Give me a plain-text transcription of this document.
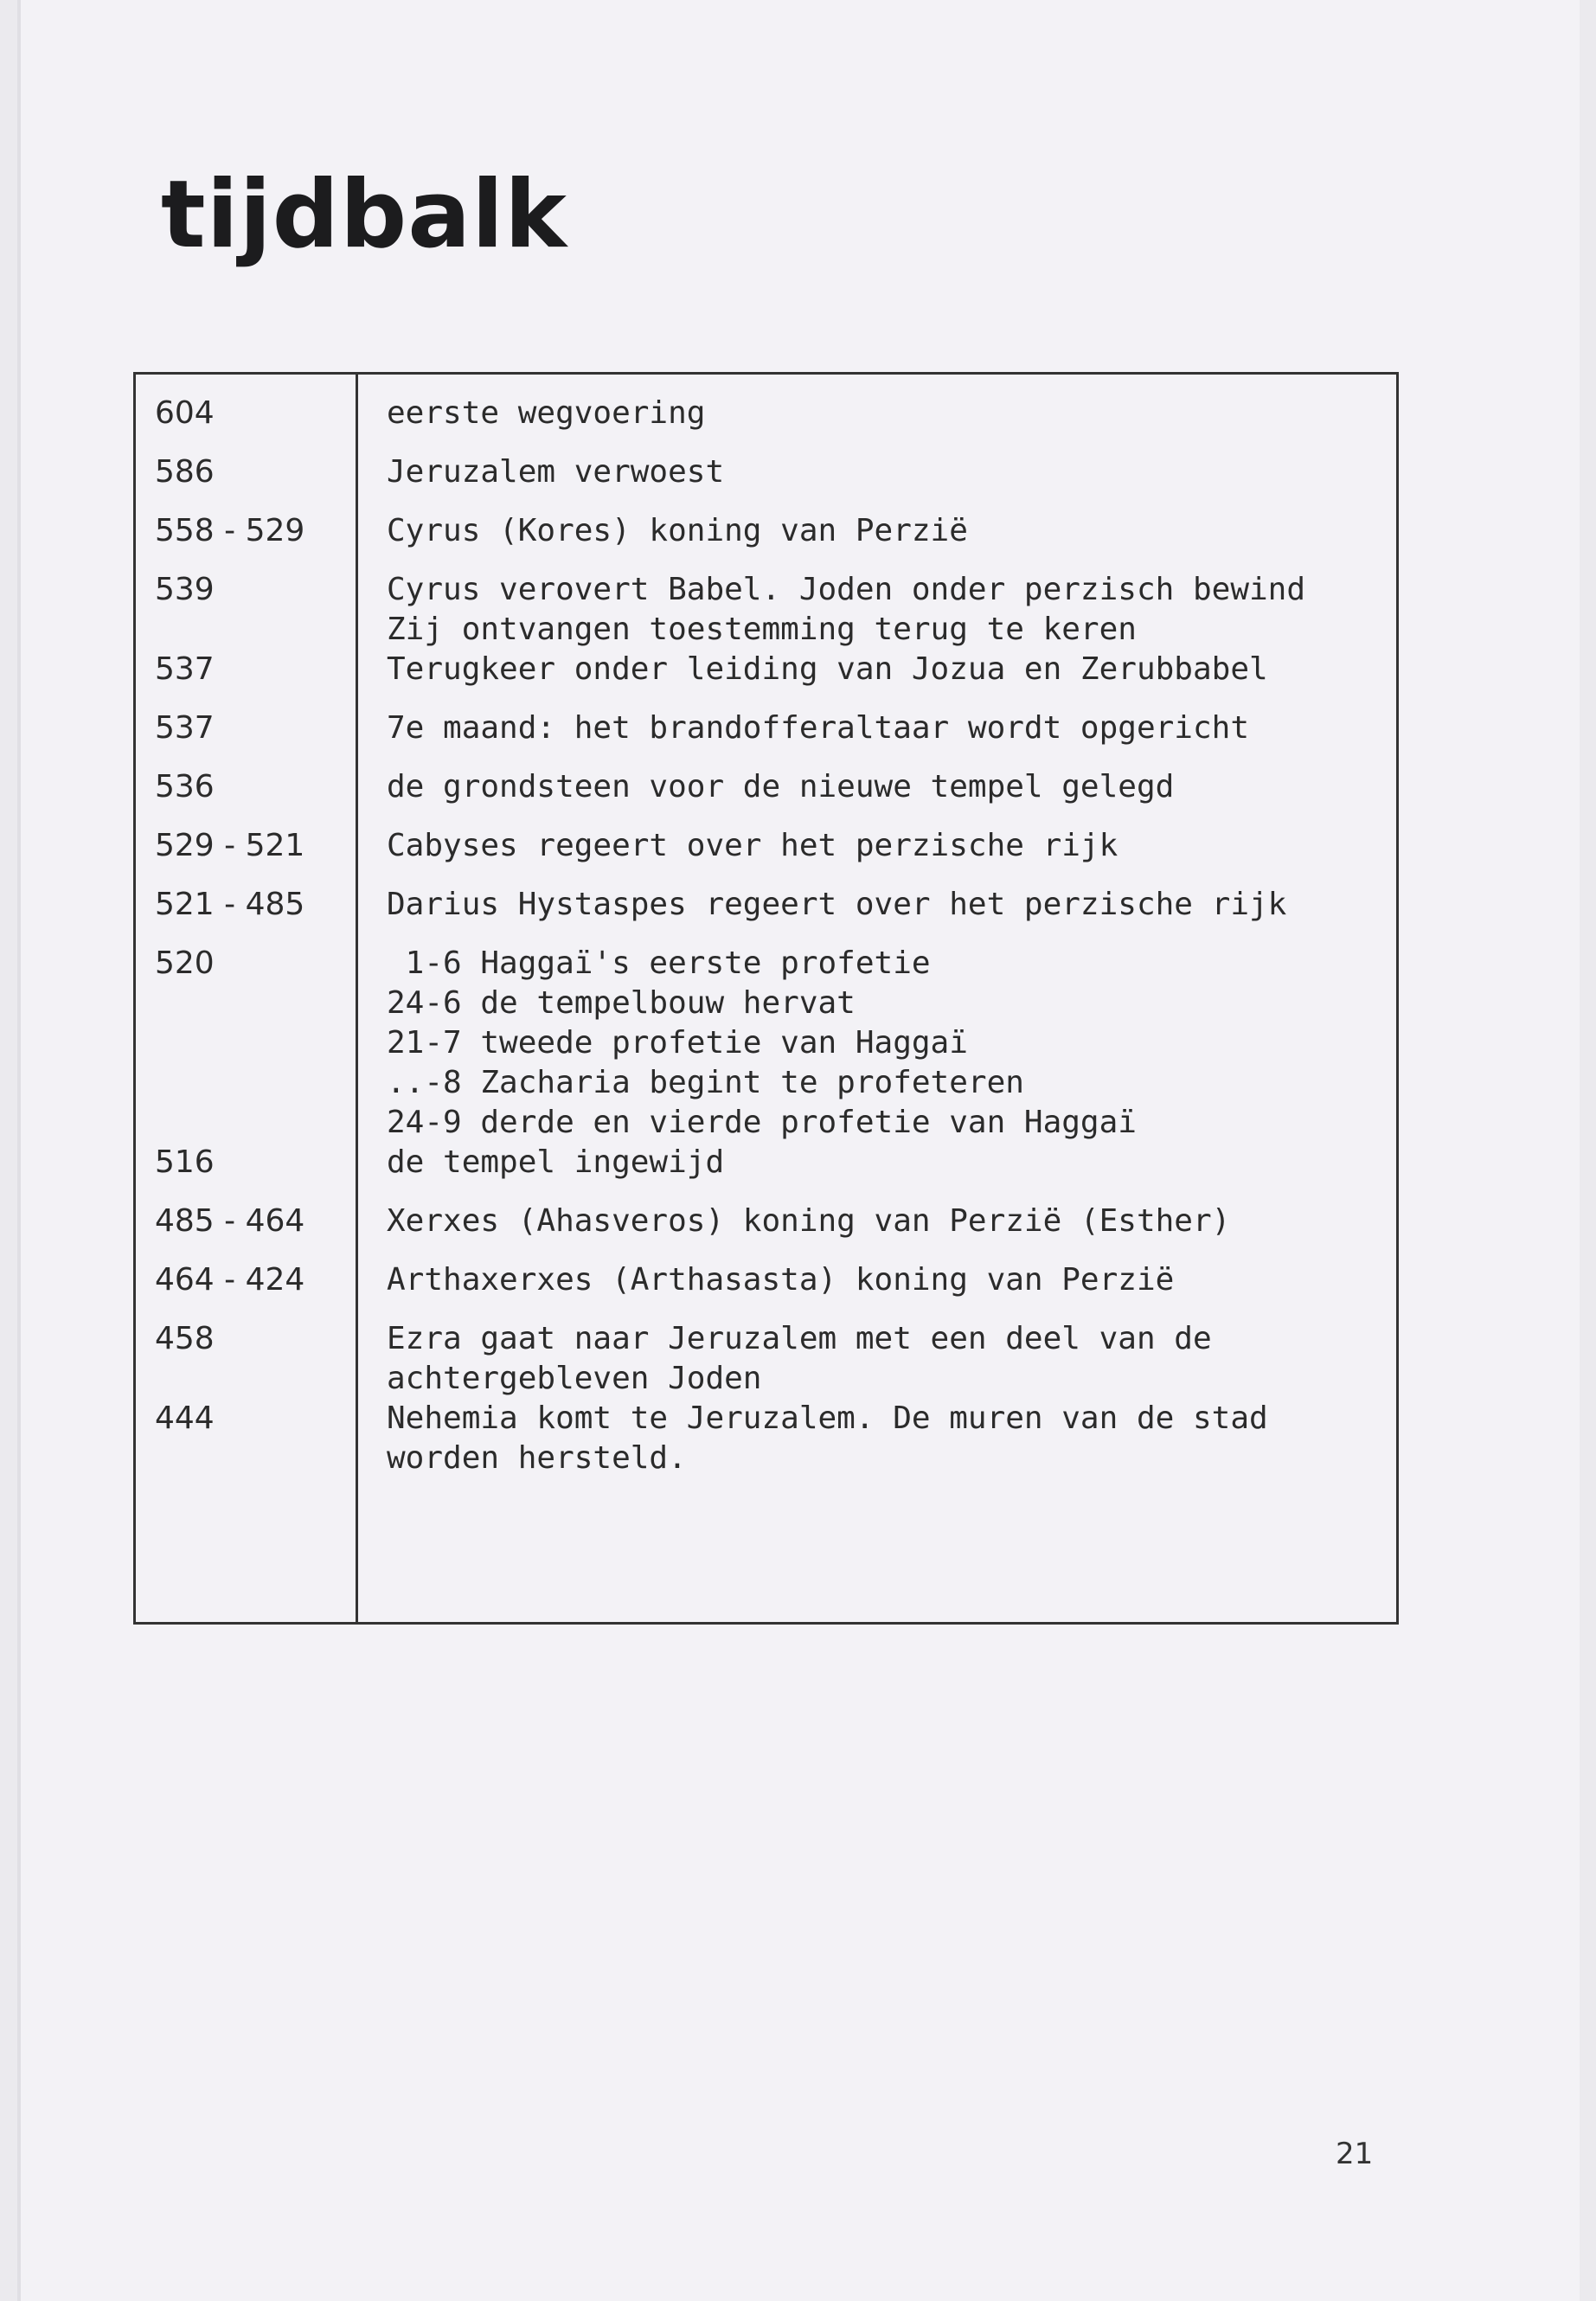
tijdbalk
604	eerste wegvoering
586	Jeruzalem verwoest
558 - 529	Cyrus (Kores) koning van Perzië
539	Cyrus verovert Babel. Joden onder perzisch bewind
Zij ontvangen toestemming terug te keren
537	Terugkeer onder leiding van Jozua en Zerubbabel
537	7e maand: het brandofferaltaar wordt opgericht
536	de grondsteen voor de nieuwe tempel gelegd
529 - 521	Cabyses regeert over het perzische rijk
521 - 485	Darius Hystaspes regeert over het perzische rijk
520	1-6 Haggaï's eerste profetie
24-6 de tempelbouw hervat
21-7 tweede profetie van Haggaï
..-8 Zacharia begint te profeteren
24-9 derde en vierde profetie van Haggaï
516	de tempel ingewijd
485 - 464	Xerxes (Ahasveros) koning van Perzië (Esther)
464 - 424	Arthaxerxes (Arthasasta) koning van Perzië
458	Ezra gaat naar Jeruzalem met een deel van de
achtergebleven Joden
444	Nehemia komt te Jeruzalem. De muren van de stad
worden hersteld.
21
